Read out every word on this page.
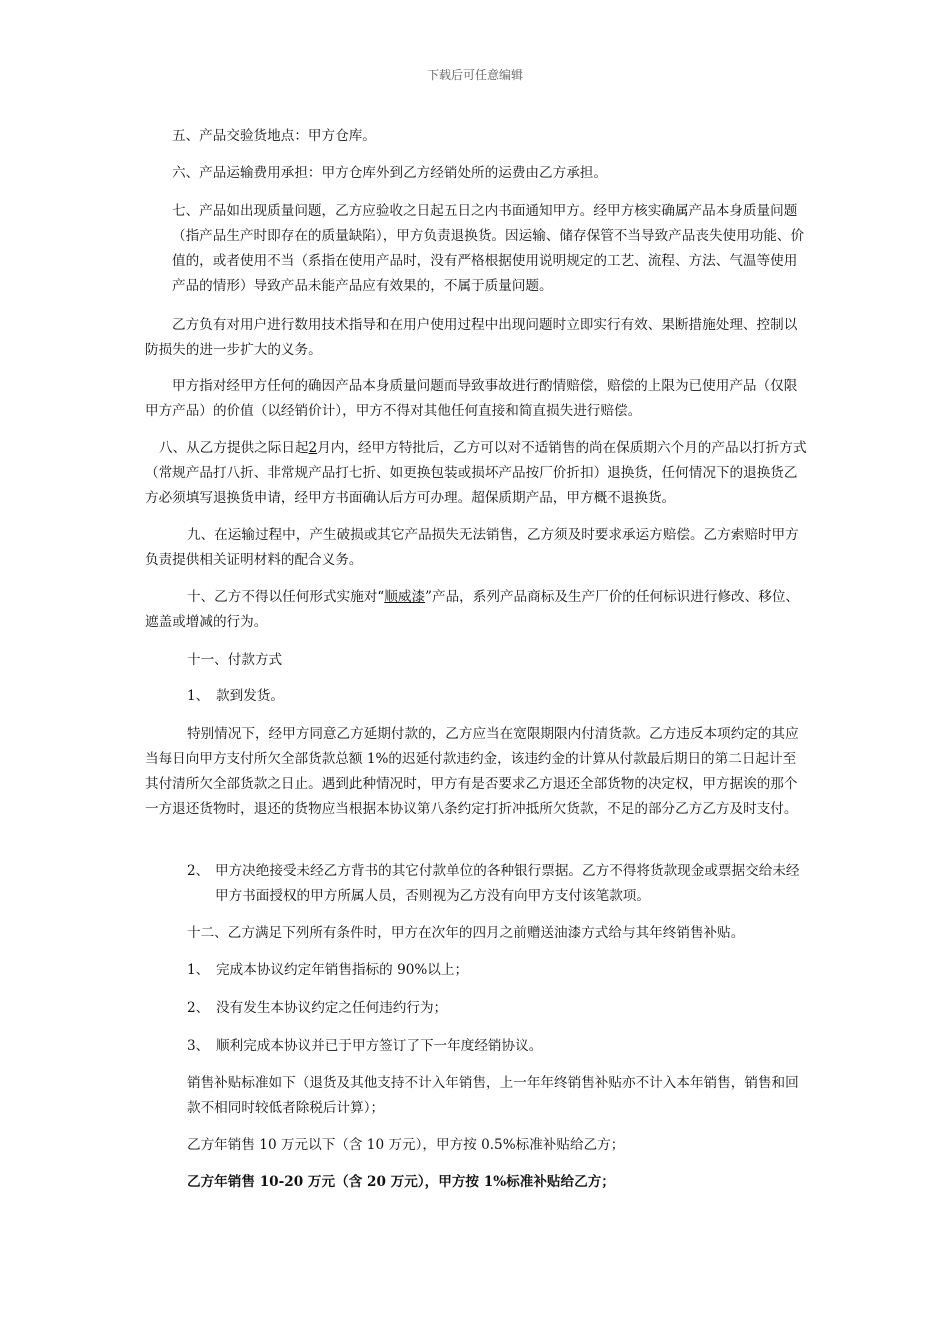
下载后可任意编辑
五、产品交验货地点：甲方仓库。
六、产品运输费用承担：甲方仓库外到乙方经销处所的运费由乙方承担。
七、产品如出现质量问题，乙方应验收之日起五日之内书面通知甲方。经甲方核实确属产品本身质量问题（指产品生产时即存在的质量缺陷），甲方负责退换货。因运输、储存保管不当导致产品丧失使用功能、价值的，或者使用不当（系指在使用产品时，没有严格根据使用说明规定的工艺、流程、方法、气温等使用产品的情形）导致产品未能产品应有效果的，不属于质量问题。
乙方负有对用户进行数用技术指导和在用户使用过程中出现问题时立即实行有效、果断措施处理、控制以防损失的进一步扩大的义务。
甲方指对经甲方任何的确因产品本身质量问题而导致事故进行酌情赔偿，赔偿的上限为已使用产品（仅限甲方产品）的价值（以经销价计），甲方不得对其他任何直接和简直损失进行赔偿。
八、从乙方提供之际日起2月内，经甲方特批后，乙方可以对不适销售的尚在保质期六个月的产品以打折方式（常规产品打八折、非常规产品打七折、如更换包装或损坏产品按厂价折扣）退换货，任何情况下的退换货乙方必须填写退换货申请，经甲方书面确认后方可办理。超保质期产品，甲方概不退换货。
九、在运输过程中，产生破损或其它产品损失无法销售，乙方须及时要求承运方赔偿。乙方索赔时甲方负责提供相关证明材料的配合义务。
十、乙方不得以任何形式实施对“顺威漆”产品，系列产品商标及生产厂价的任何标识进行修改、移位、遮盖或增减的行为。
十一、付款方式
1、　款到发货。
特别情况下，经甲方同意乙方延期付款的，乙方应当在宽限期限内付清货款。乙方违反本项约定的其应当每日向甲方支付所欠全部货款总额 1%的迟延付款违约金，该违约金的计算从付款最后期日的第二日起计至其付清所欠全部货款之日止。遇到此种情况时，甲方有是否要求乙方退还全部货物的决定权，甲方据诶的那个一方退还货物时，退还的货物应当根据本协议第八条约定打折冲抵所欠货款，不足的部分乙方乙方及时支付。
2、 甲方决绝接受未经乙方背书的其它付款单位的各种银行票据。乙方不得将货款现金或票据交给未经甲方书面授权的甲方所属人员，否则视为乙方没有向甲方支付该笔款项。
十二、乙方满足下列所有条件时，甲方在次年的四月之前赠送油漆方式给与其年终销售补贴。
1、　完成本协议约定年销售指标的 90%以上；
2、　没有发生本协议约定之任何违约行为；
3、　顺利完成本协议并已于甲方签订了下一年度经销协议。
销售补贴标准如下（退货及其他支持不计入年销售，上一年年终销售补贴亦不计入本年销售，销售和回款不相同时较低者除税后计算）；
乙方年销售 10 万元以下（含 10 万元），甲方按 0.5%标准补贴给乙方；
乙方年销售 10-20 万元（含 20 万元），甲方按 1%标准补贴给乙方；
